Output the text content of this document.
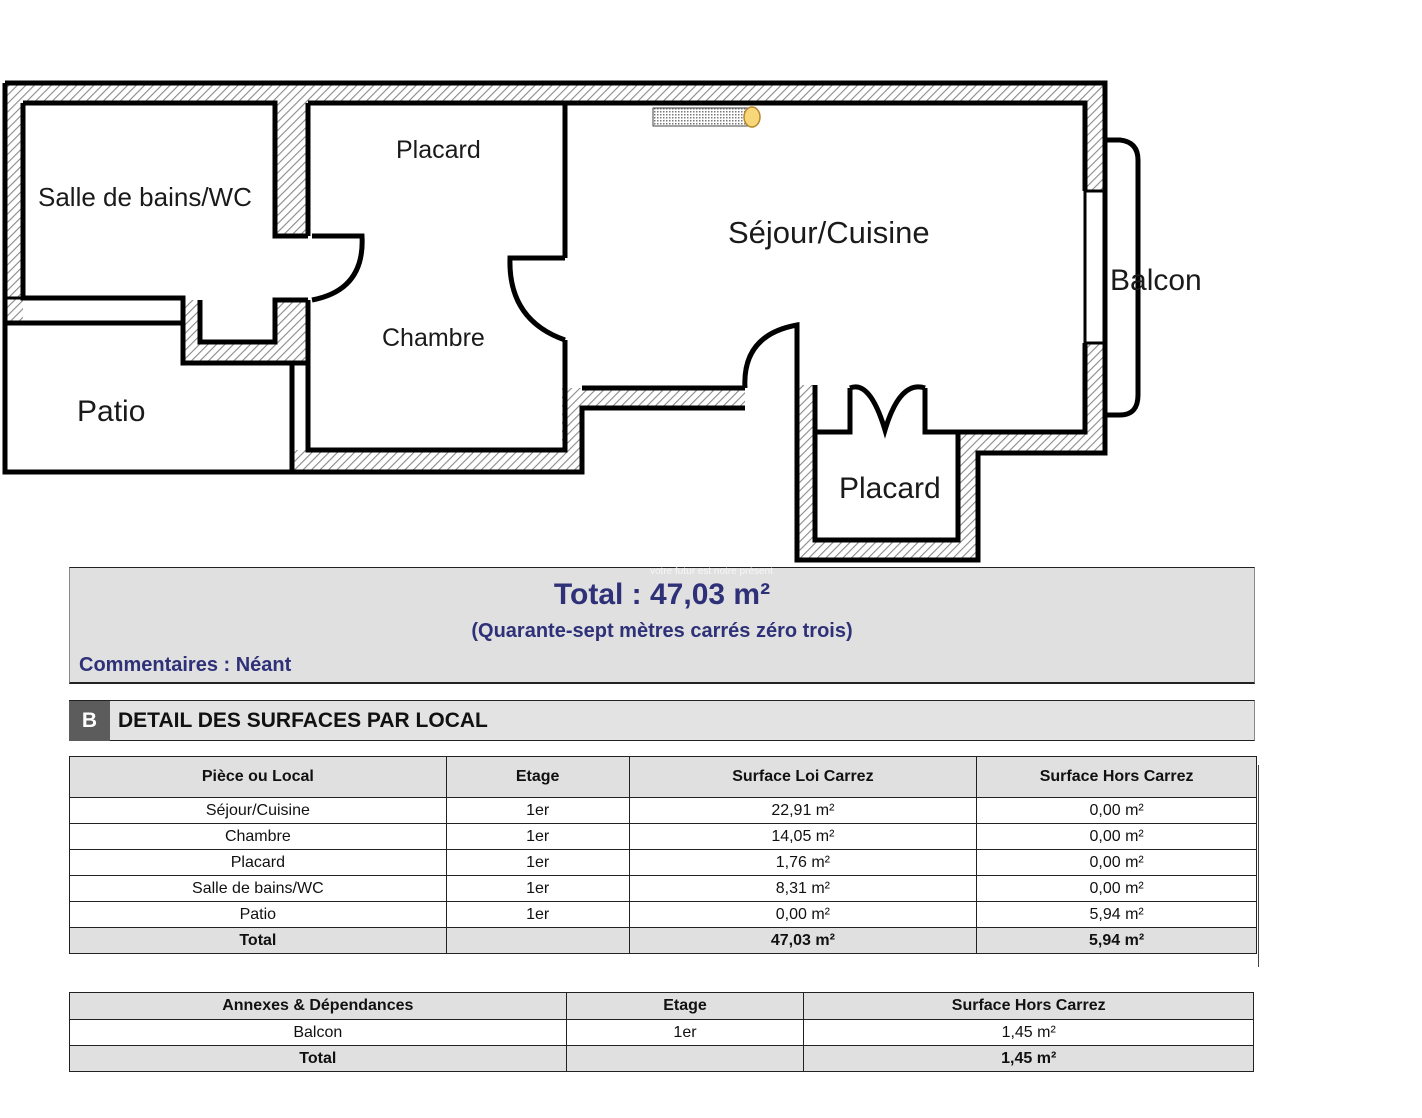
Salle de bains/WC
Placard
Chambre
Séjour/Cuisine
Balcon
Patio
Placard
Total : 47,03 m²
(Quarante-sept mètres carrés zéro trois)
Commentaires : Néant
votre futur est notre présent
B DETAIL DES SURFACES PAR LOCAL
Pièce ou Local	Etage	Surface Loi Carrez	Surface Hors Carrez
Séjour/Cuisine	1er	22,91 m²	0,00 m²
Chambre	1er	14,05 m²	0,00 m²
Placard	1er	1,76 m²	0,00 m²
Salle de bains/WC	1er	8,31 m²	0,00 m²
Patio	1er	0,00 m²	5,94 m²
Total		47,03 m²	5,94 m²
Annexes & Dépendances	Etage	Surface Hors Carrez
Balcon	1er	1,45 m²
Total		1,45 m²
